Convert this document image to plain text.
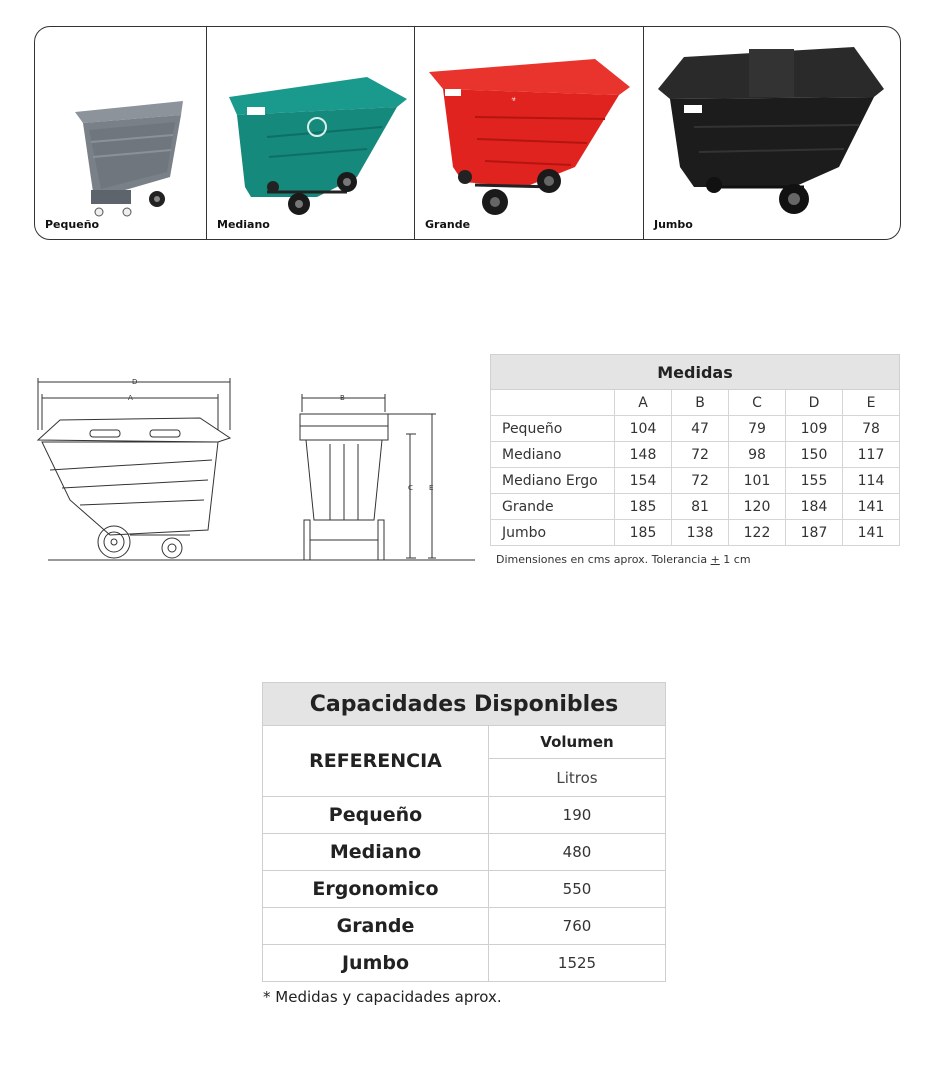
Pequeño	Mediano
☣
Grande	Jumbo
D
A	B
C E
Medidas					
	A	B	C	D	E
Pequeño	104	47	79	109	78
Mediano	148	72	98	150	117
Mediano Ergo	154	72	101	155	114
Grande	185	81	120	184	141
Jumbo	185	138	122	187	141
Dimensiones en cms aprox. Tolerancia + 1 cm
Capacidades Disponibles	
REFERENCIA	Volumen
	Litros
Pequeño	190
Mediano	480
Ergonomico	550
Grande	760
Jumbo	1525
* Medidas y capacidades aprox.
